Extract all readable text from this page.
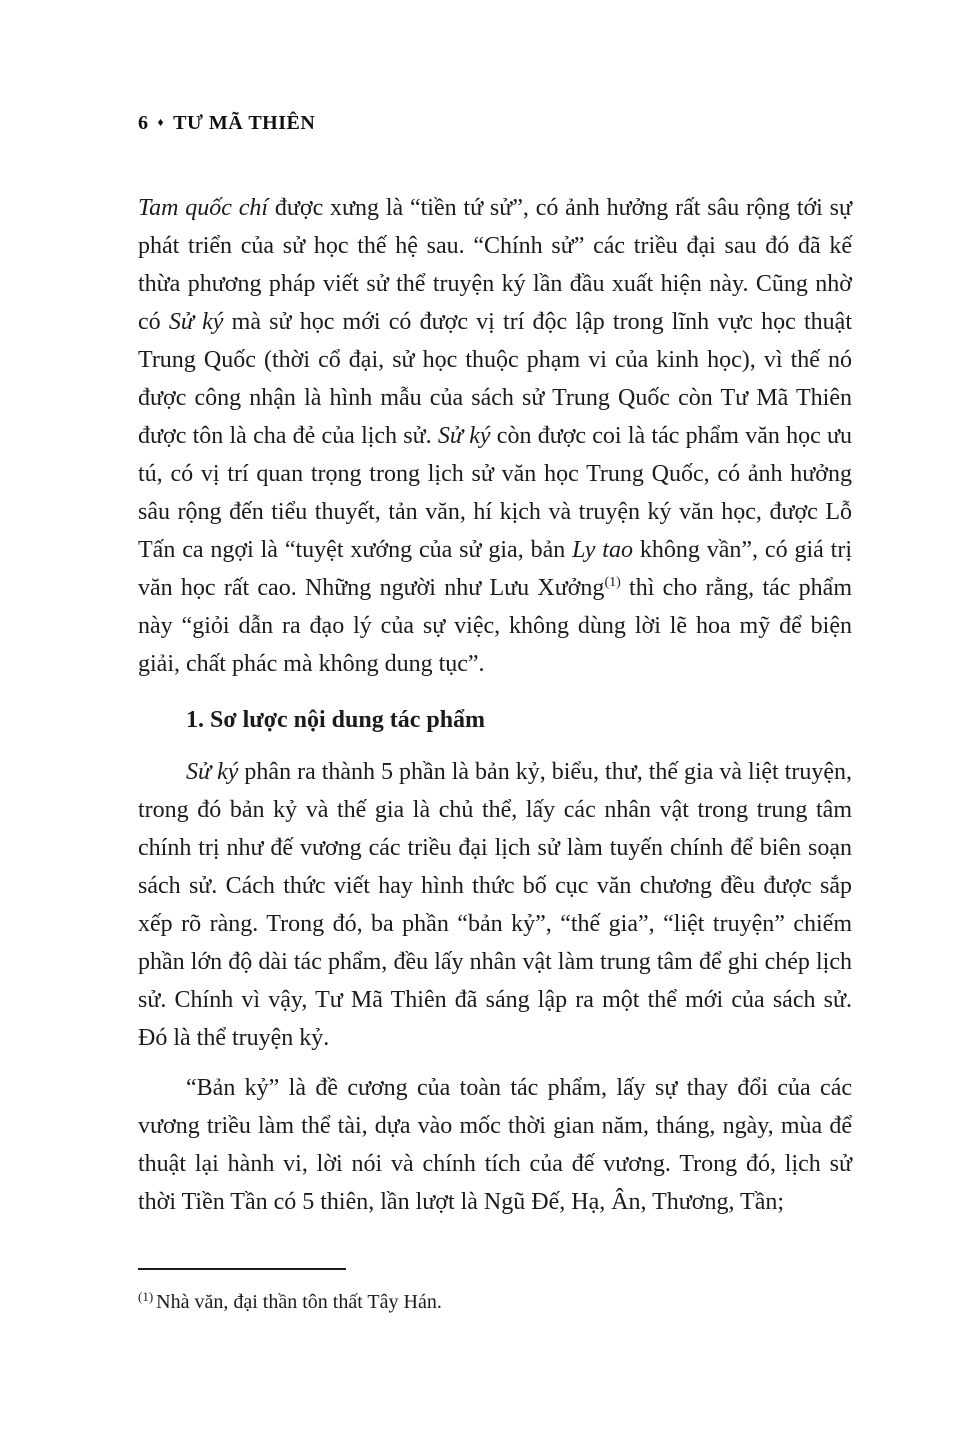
6 ♦ TƯ MÃ THIÊN

Tam quốc chí được xưng là “tiền tứ sử”, có ảnh hưởng rất sâu rộng tới sự phát triển của sử học thế hệ sau. “Chính sử” các triều đại sau đó đã kế thừa phương pháp viết sử thể truyện ký lần đầu xuất hiện này. Cũng nhờ có Sử ký mà sử học mới có được vị trí độc lập trong lĩnh vực học thuật Trung Quốc (thời cổ đại, sử học thuộc phạm vi của kinh học), vì thế nó được công nhận là hình mẫu của sách sử Trung Quốc còn Tư Mã Thiên được tôn là cha đẻ của lịch sử. Sử ký còn được coi là tác phẩm văn học ưu tú, có vị trí quan trọng trong lịch sử văn học Trung Quốc, có ảnh hưởng sâu rộng đến tiểu thuyết, tản văn, hí kịch và truyện ký văn học, được Lỗ Tấn ca ngợi là “tuyệt xướng của sử gia, bản Ly tao không vần”, có giá trị văn học rất cao. Những người như Lưu Xưởng$^{(1)}$ thì cho rằng, tác phẩm này “giỏi dẫn ra đạo lý của sự việc, không dùng lời lẽ hoa mỹ để biện giải, chất phác mà không dung tục”.

1. Sơ lược nội dung tác phẩm

Sử ký phân ra thành 5 phần là bản kỷ, biểu, thư, thế gia và liệt truyện, trong đó bản kỷ và thế gia là chủ thể, lấy các nhân vật trong trung tâm chính trị như đế vương các triều đại lịch sử làm tuyến chính để biên soạn sách sử. Cách thức viết hay hình thức bố cục văn chương đều được sắp xếp rõ ràng. Trong đó, ba phần “bản kỷ”, “thế gia”, “liệt truyện” chiếm phần lớn độ dài tác phẩm, đều lấy nhân vật làm trung tâm để ghi chép lịch sử. Chính vì vậy, Tư Mã Thiên đã sáng lập ra một thể mới của sách sử. Đó là thể truyện kỷ.

“Bản kỷ” là đề cương của toàn tác phẩm, lấy sự thay đổi của các vương triều làm thể tài, dựa vào mốc thời gian năm, tháng, ngày, mùa để thuật lại hành vi, lời nói và chính tích của đế vương. Trong đó, lịch sử thời Tiền Tần có 5 thiên, lần lượt là Ngũ Đế, Hạ, Ân, Thương, Tần;

$^{(1)}$ Nhà văn, đại thần tôn thất Tây Hán.
